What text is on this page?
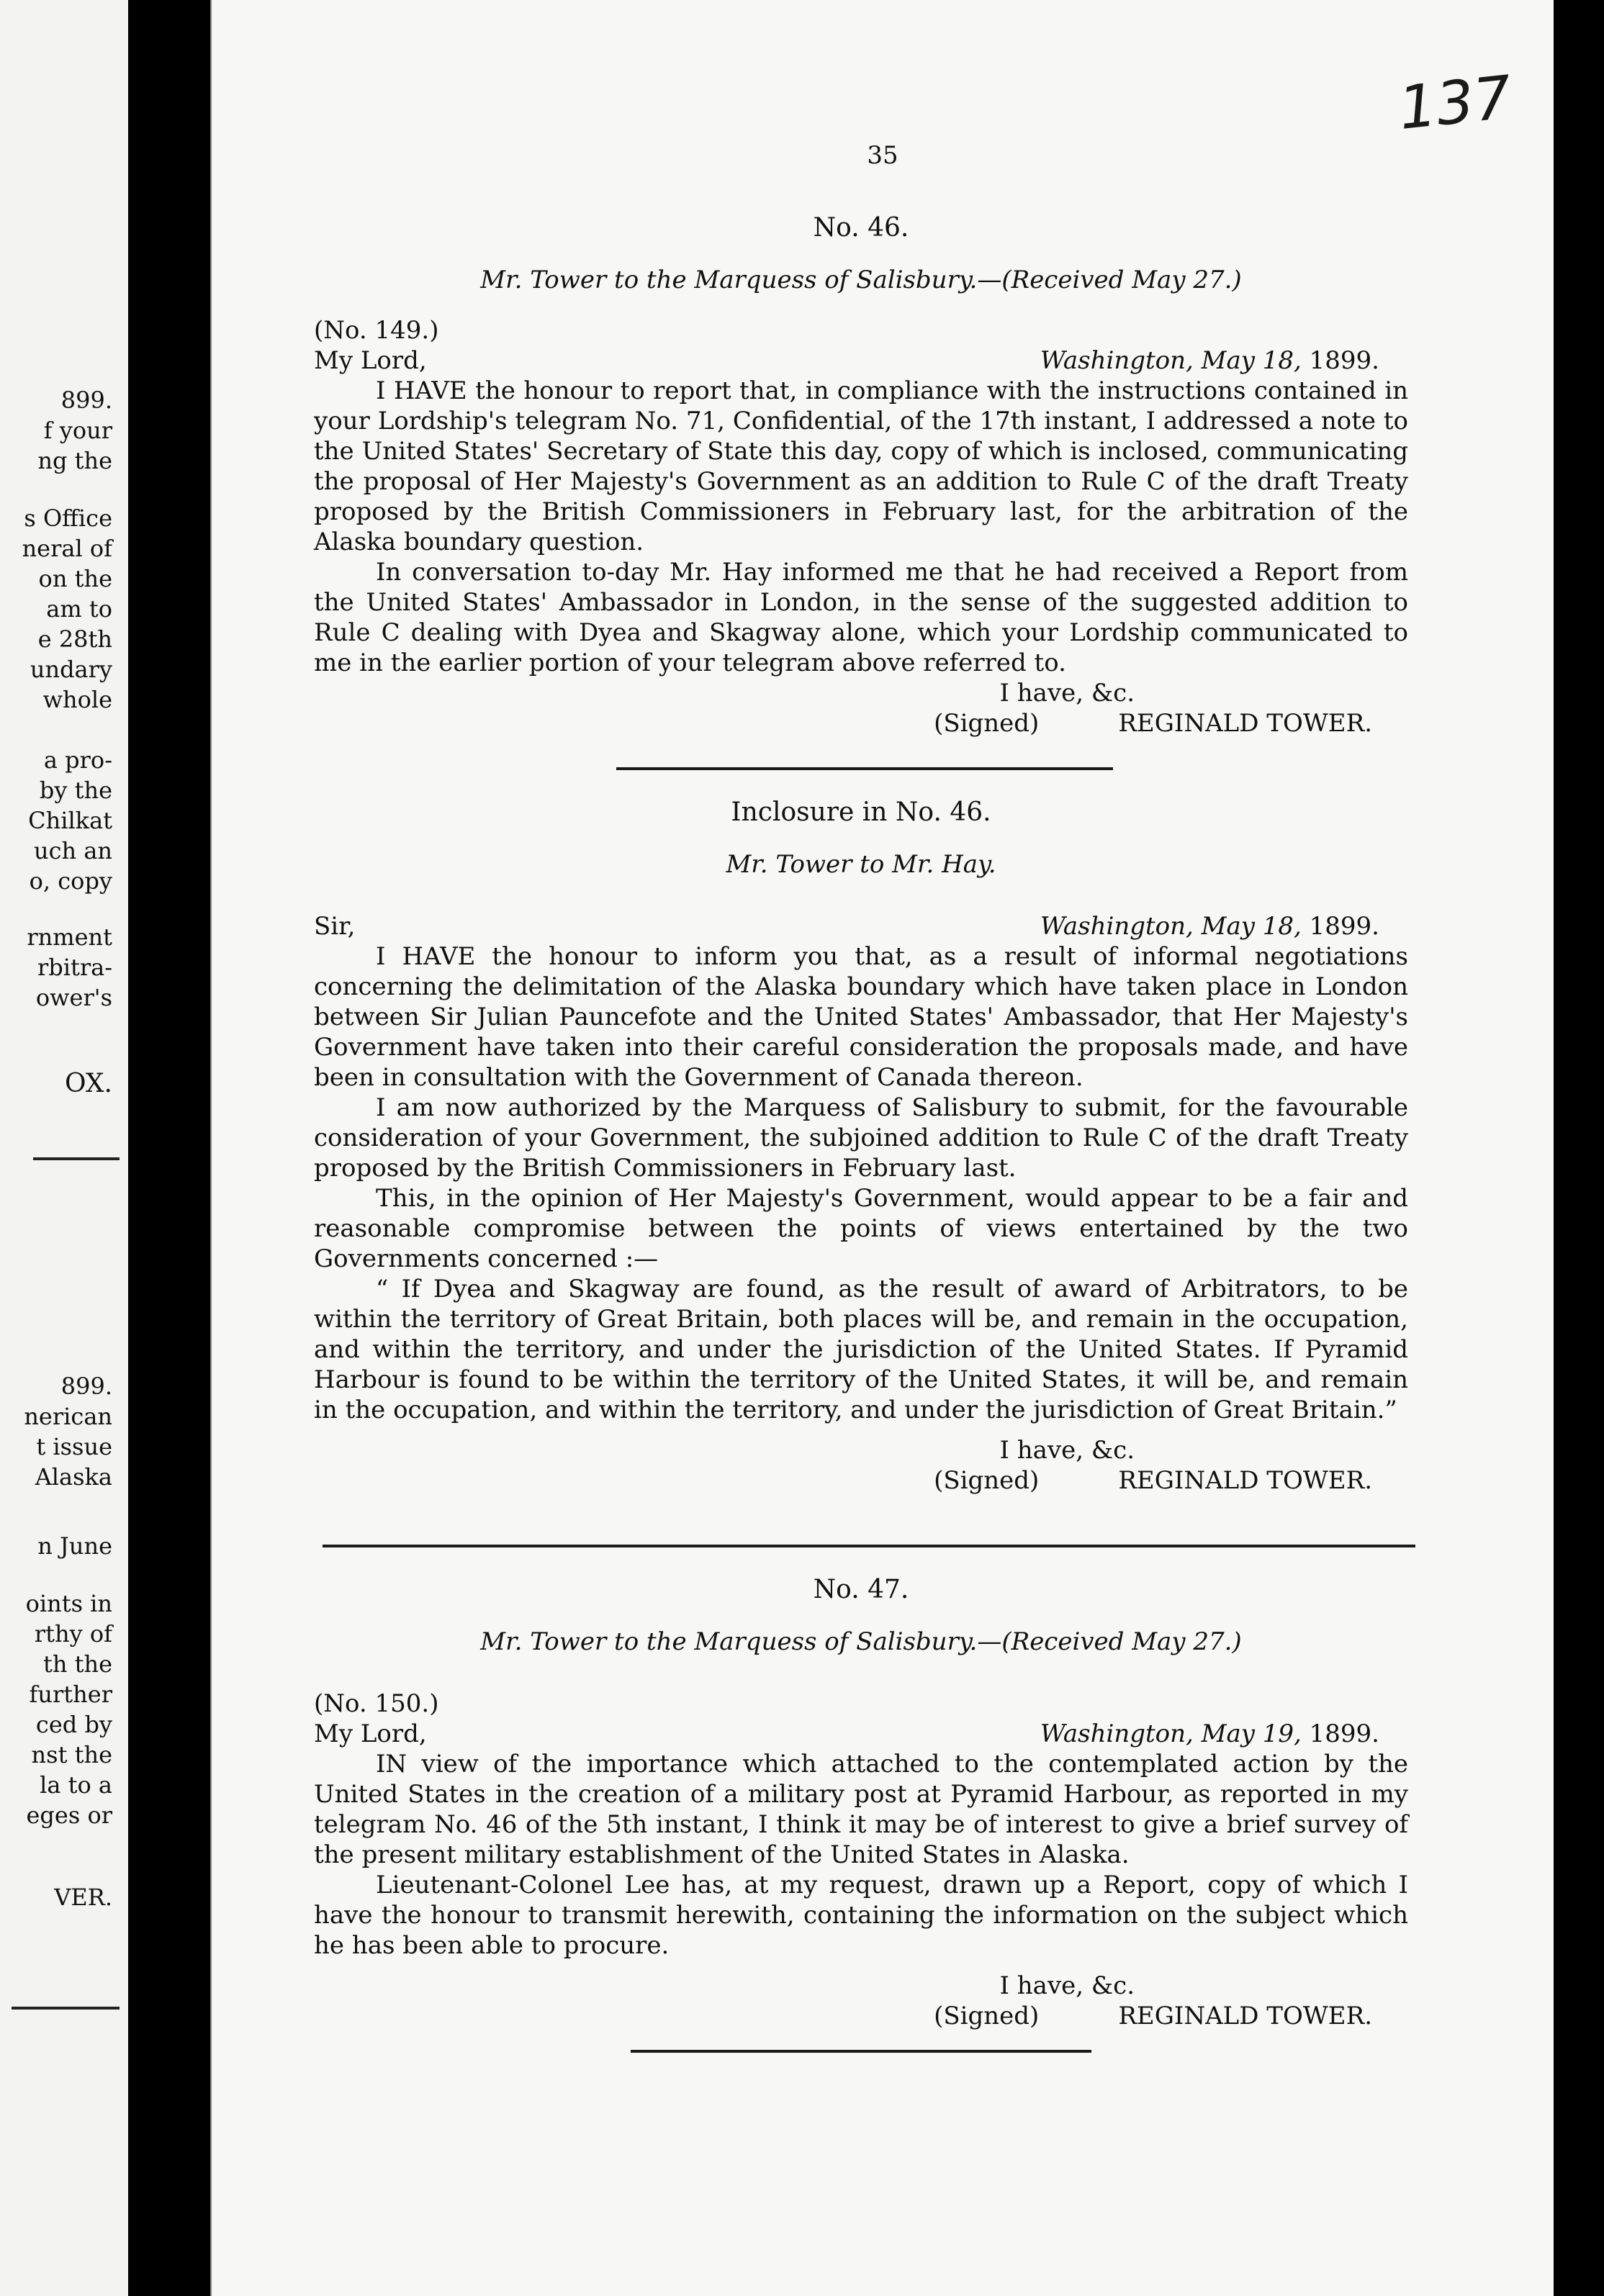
899.
f your
ng the
s Office
neral of
on the
am to
e 28th
undary
whole
a pro-
by the
Chilkat
uch an
o, copy
rnment
rbitra-
ower's
OX.
899.
nerican
t issue
Alaska
n June
oints in
rthy of
th the
further
ced by
nst the
la to a
eges or
VER.
35
137
No. 46.
Mr. Tower to the Marquess of Salisbury.—(Received May 27.)
(No. 149.)
My Lord,	Washington, May 18, 1899.

I HAVE the honour to report that, in compliance with the instructions contained in your Lordship's telegram No. 71, Confidential, of the 17th instant, I addressed a note to the United States' Secretary of State this day, copy of which is inclosed, communicating the proposal of Her Majesty's Government as an addition to Rule C of the draft Treaty proposed by the British Commissioners in February last, for the arbitration of the Alaska boundary question.

In conversation to-day Mr. Hay informed me that he had received a Report from the United States' Ambassador in London, in the sense of the suggested addition to Rule C dealing with Dyea and Skagway alone, which your Lordship communicated to me in the earlier portion of your telegram above referred to.

I have, &c.
(Signed)	REGINALD TOWER.
Inclosure in No. 46.
Mr. Tower to Mr. Hay.
Sir,	Washington, May 18, 1899.

I HAVE the honour to inform you that, as a result of informal negotiations concerning the delimitation of the Alaska boundary which have taken place in London between Sir Julian Pauncefote and the United States' Ambassador, that Her Majesty's Government have taken into their careful consideration the proposals made, and have been in consultation with the Government of Canada thereon.

I am now authorized by the Marquess of Salisbury to submit, for the favourable consideration of your Government, the subjoined addition to Rule C of the draft Treaty proposed by the British Commissioners in February last.

This, in the opinion of Her Majesty's Government, would appear to be a fair and reasonable compromise between the points of views entertained by the two Governments concerned :—

“ If Dyea and Skagway are found, as the result of award of Arbitrators, to be within the territory of Great Britain, both places will be, and remain in the occupation, and within the territory, and under the jurisdiction of the United States. If Pyramid Harbour is found to be within the territory of the United States, it will be, and remain in the occupation, and within the territory, and under the jurisdiction of Great Britain.”

I have, &c.
(Signed)	REGINALD TOWER.
No. 47.
Mr. Tower to the Marquess of Salisbury.—(Received May 27.)
(No. 150.)
My Lord,	Washington, May 19, 1899.

IN view of the importance which attached to the contemplated action by the United States in the creation of a military post at Pyramid Harbour, as reported in my telegram No. 46 of the 5th instant, I think it may be of interest to give a brief survey of the present military establishment of the United States in Alaska.

Lieutenant-Colonel Lee has, at my request, drawn up a Report, copy of which I have the honour to transmit herewith, containing the information on the subject which he has been able to procure.

I have, &c.
(Signed)	REGINALD TOWER.
